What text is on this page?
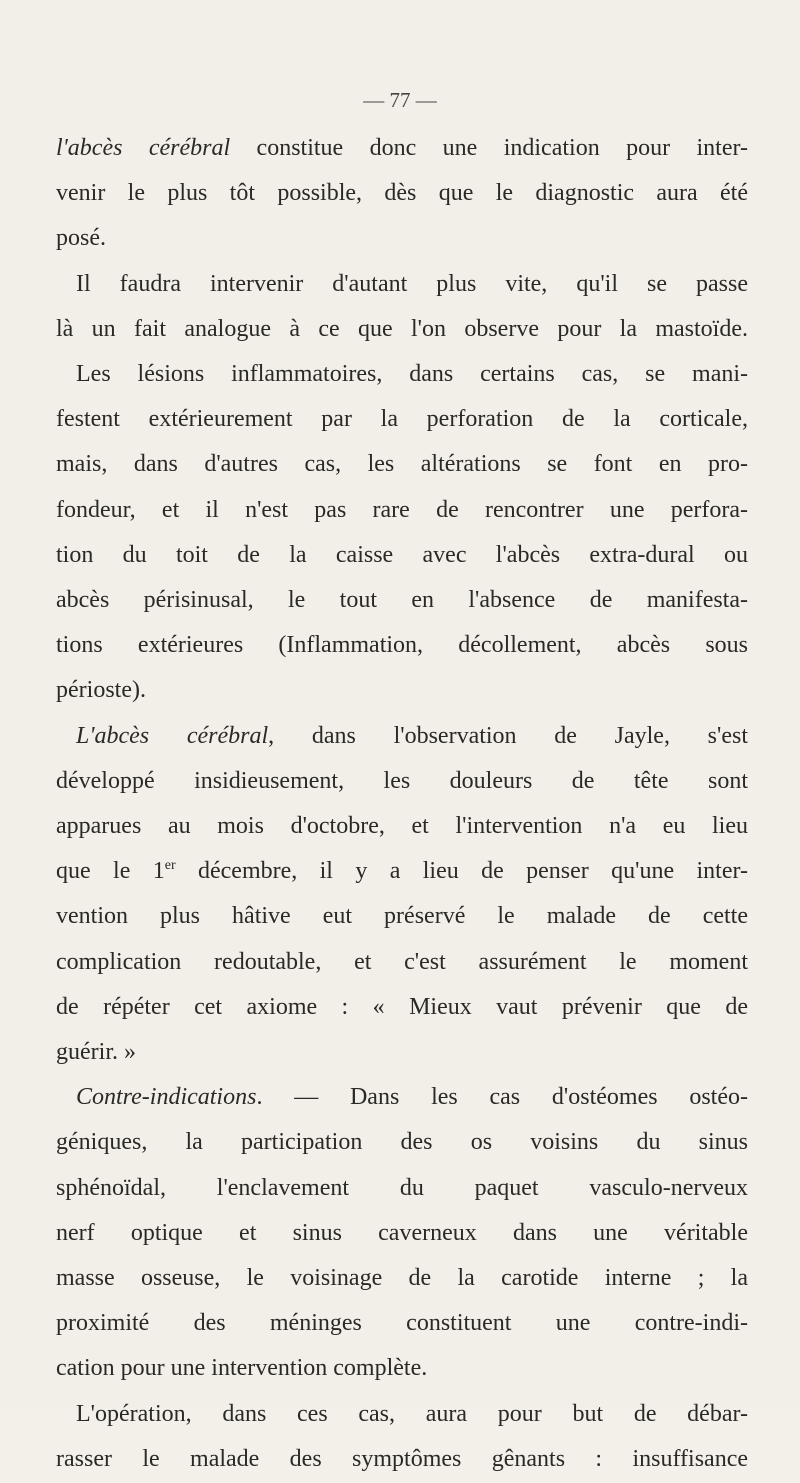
— 77 —
l'abcès cérébral constitue donc une indication pour inter-
venir le plus tôt possible, dès que le diagnostic aura été
posé.
Il faudra intervenir d'autant plus vite, qu'il se passe
là un fait analogue à ce que l'on observe pour la mastoïde.
Les lésions inflammatoires, dans certains cas, se mani-
festent extérieurement par la perforation de la corticale,
mais, dans d'autres cas, les altérations se font en pro-
fondeur, et il n'est pas rare de rencontrer une perfora-
tion du toit de la caisse avec l'abcès extra-dural ou
abcès périsinusal, le tout en l'absence de manifesta-
tions extérieures (Inflammation, décollement, abcès sous
périoste).
L'abcès cérébral, dans l'observation de Jayle, s'est
développé insidieusement, les douleurs de tête sont
apparues au mois d'octobre, et l'intervention n'a eu lieu
que le 1er décembre, il y a lieu de penser qu'une inter-
vention plus hâtive eut préservé le malade de cette
complication redoutable, et c'est assurément le moment
de répéter cet axiome : « Mieux vaut prévenir que de
guérir. »
Contre-indications. — Dans les cas d'ostéomes ostéo-
géniques, la participation des os voisins du sinus
sphénoïdal, l'enclavement du paquet vasculo-nerveux
nerf optique et sinus caverneux dans une véritable
masse osseuse, le voisinage de la carotide interne ; la
proximité des méninges constituent une contre-indi-
cation pour une intervention complète.
L'opération, dans ces cas, aura pour but de débar-
rasser le malade des symptômes gênants : insuffisance
